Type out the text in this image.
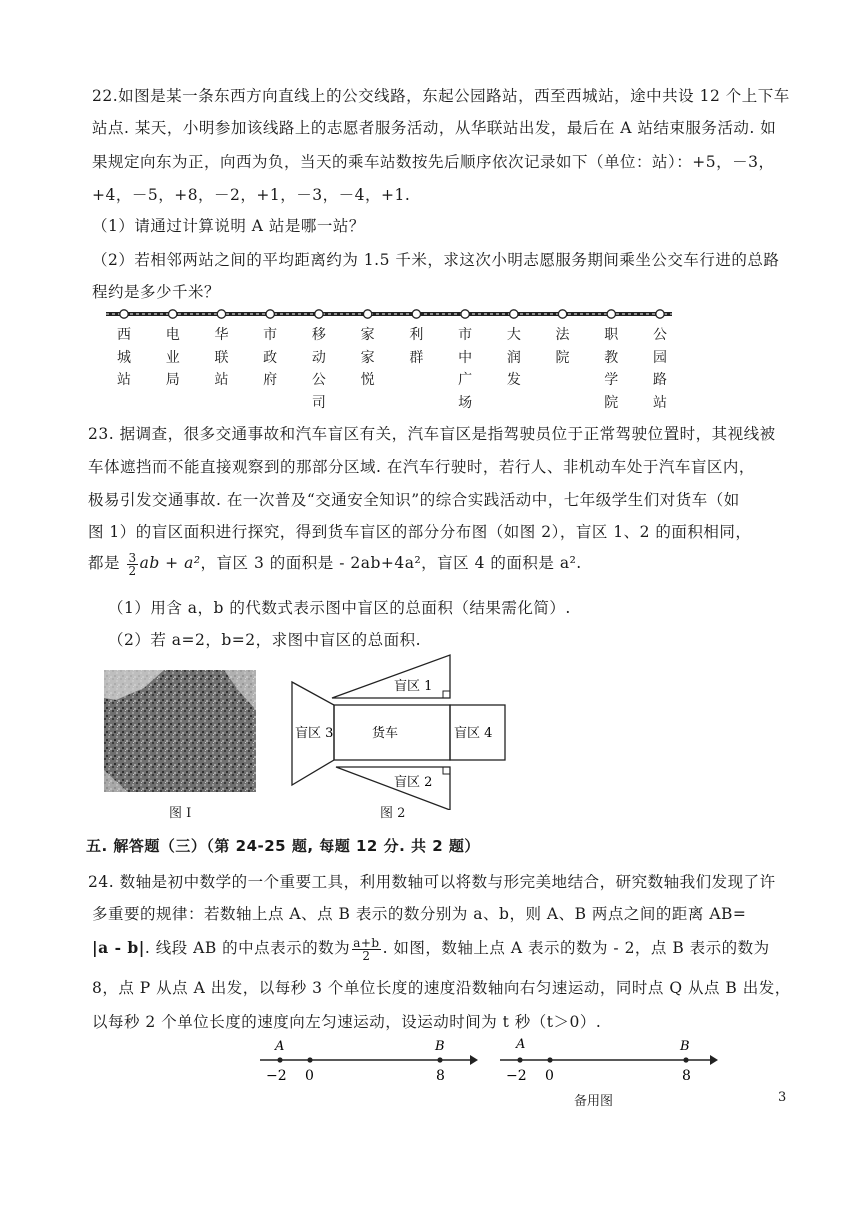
22.如图是某一条东西方向直线上的公交线路，东起公园路站，西至西城站，途中共设 12 个上下车
站点. 某天，小明参加该线路上的志愿者服务活动，从华联站出发，最后在 A 站结束服务活动. 如
果规定向东为正，向西为负，当天的乘车站数按先后顺序依次记录如下（单位：站）：+5，－3，
+4，－5，+8，－2，+1，－3，－4，+1.
（1）请通过计算说明 A 站是哪一站？
（2）若相邻两站之间的平均距离约为 1.5 千米，求这次小明志愿服务期间乘坐公交车行进的总路
程约是多少千米？
西
城
站
电
业
局
华
联
站
市
政
府
移
动
公
司
家
家
悦
利
群
市
中
广
场
大
润
发
法
院
职
教
学
院
公
园
路
站
23. 据调查，很多交通事故和汽车盲区有关，汽车盲区是指驾驶员位于正常驾驶位置时，其视线被
车体遮挡而不能直接观察到的那部分区域. 在汽车行驶时，若行人、非机动车处于汽车盲区内，
极易引发交通事故. 在一次普及“交通安全知识”的综合实践活动中，七年级学生们对货车（如
图 1）的盲区面积进行探究，得到货车盲区的部分分布图（如图 2），盲区 1、2 的面积相同，
都是 $\frac{3}{2}$ ab + a²，盲区 3 的面积是 - 2ab+4a²，盲区 4 的面积是 a².
（1）用含 a，b 的代数式表示图中盲区的总面积（结果需化简）.
（2）若 a=2，b=2，求图中盲区的总面积.
图 I
盲区 1
盲区 2
盲区 3	货车	盲区 4
图 2
五. 解答题（三）（第 24-25 题, 每题 12 分. 共 2 题）
24. 数轴是初中数学的一个重要工具，利用数轴可以将数与形完美地结合，研究数轴我们发现了许
多重要的规律：若数轴上点 A、点 B 表示的数分别为 a、b，则 A、B 两点之间的距离 AB=
|a - b|. 线段 AB 的中点表示的数为 $\frac{a+b}{2}$ . 如图，数轴上点 A 表示的数为 - 2，点 B 表示的数为
8，点 P 从点 A 出发，以每秒 3 个单位长度的速度沿数轴向右匀速运动，同时点 Q 从点 B 出发，
以每秒 2 个单位长度的速度向左匀速运动，设运动时间为 t 秒（t＞0）.
A	B
−2 0	8
A	B
−2 0	8
备用图	3
